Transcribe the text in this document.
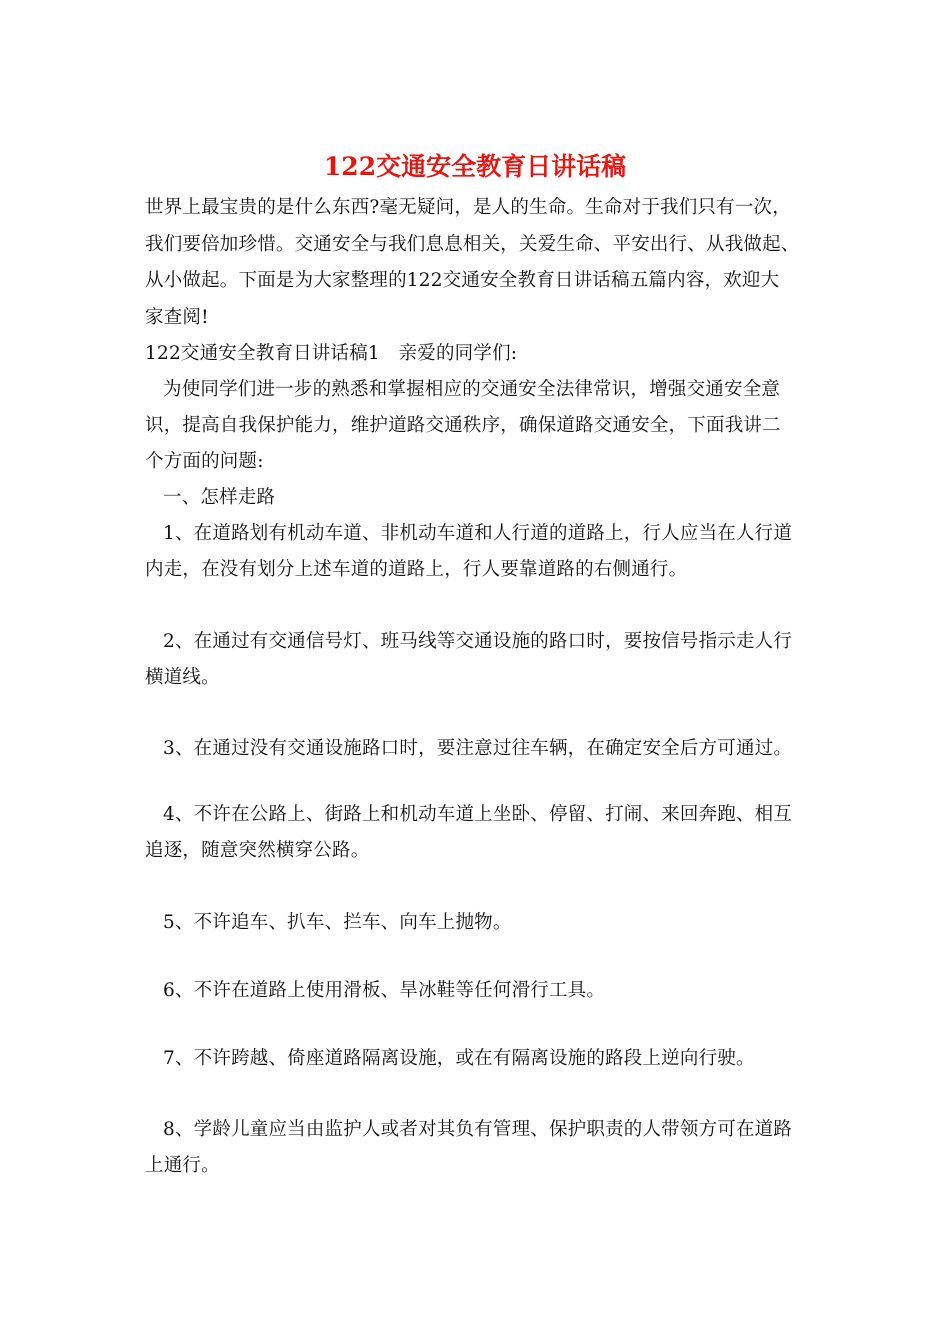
122交通安全教育日讲话稿
世界上最宝贵的是什么东西?毫无疑问，是人的生命。生命对于我们只有一次，
我们要倍加珍惜。交通安全与我们息息相关，关爱生命、平安出行、从我做起、
从小做起。下面是为大家整理的122交通安全教育日讲话稿五篇内容，欢迎大
家查阅!
122交通安全教育日讲话稿1　亲爱的同学们:
为使同学们进一步的熟悉和掌握相应的交通安全法律常识，增强交通安全意
识，提高自我保护能力，维护道路交通秩序，确保道路交通安全，下面我讲二
个方面的问题:
一、怎样走路
1、在道路划有机动车道、非机动车道和人行道的道路上，行人应当在人行道
内走，在没有划分上述车道的道路上，行人要靠道路的右侧通行。
2、在通过有交通信号灯、班马线等交通设施的路口时，要按信号指示走人行
横道线。
3、在通过没有交通设施路口时，要注意过往车辆，在确定安全后方可通过。
4、不许在公路上、街路上和机动车道上坐卧、停留、打闹、来回奔跑、相互
追逐，随意突然横穿公路。
5、不许追车、扒车、拦车、向车上抛物。
6、不许在道路上使用滑板、旱冰鞋等任何滑行工具。
7、不许跨越、倚座道路隔离设施，或在有隔离设施的路段上逆向行驶。
8、学龄儿童应当由监护人或者对其负有管理、保护职责的人带领方可在道路
上通行。
